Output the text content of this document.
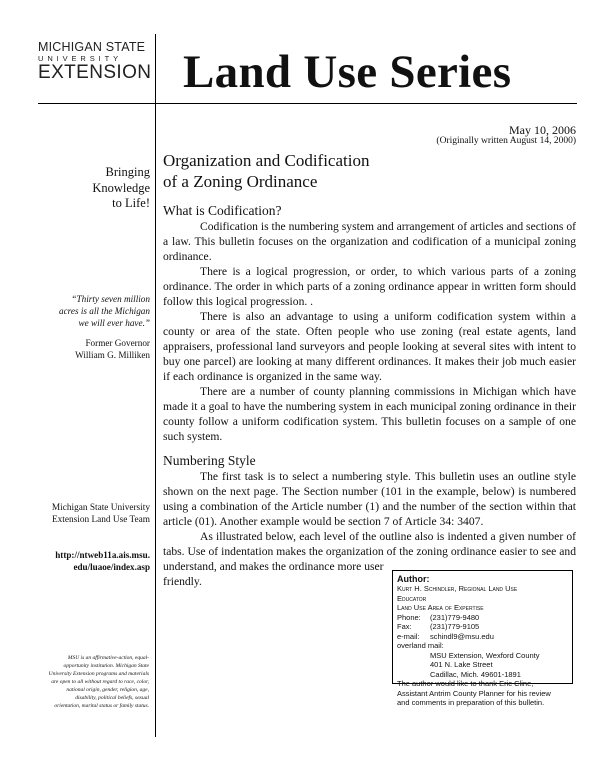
MICHIGAN STATE
UNIVERSITY
EXTENSION Land Use Series
Bringing
Knowledge
to Life!
“Thirty seven million
acres is all the Michigan
we will ever have.”
Former Governor
William G. Milliken
Michigan State University
Extension Land Use Team
http://ntweb11a.ais.msu.
edu/luaoe/index.asp
MSU is an affirmative-action, equal-
opportunity institution. Michigan State
University Extension programs and materials
are open to all without regard to race, color,
national origin, gender, religion, age,
disability, political beliefs, sexual
orientation, marital status or family status.
May 10, 2006
(Originally written August 14, 2000)
Organization and Codification
of a Zoning Ordinance
What is Codification?

Codification is the numbering system and arrangement of articles and sections of a law. This bulletin focuses on the organization and codification of a municipal zoning ordinance.

There is a logical progression, or order, to which various parts of a zoning ordinance. The order in which parts of a zoning ordinance appear in written form should follow this logical progression. .

There is also an advantage to using a uniform codification system within a county or area of the state. Often people who use zoning (real estate agents, land appraisers, professional land surveyors and people looking at several sites with intent to buy one parcel) are looking at many different ordinances. It makes their job much easier if each ordinance is organized in the same way.

There are a number of county planning commissions in Michigan which have made it a goal to have the numbering system in each municipal zoning ordinance in their county follow a uniform codification system. This bulletin focuses on a sample of one such system.

Numbering Style

The first task is to select a numbering style. This bulletin uses an outline style shown on the next page. The Section number (101 in the example, below) is numbered using a combination of the Article number (1) and the number of the section within that article (01). Another example would be section 7 of Article 34: 3407.

As illustrated below, each level of the outline also is indented a given number of tabs. Use of indentation makes the organization of the zoning ordinance easier to see and understand, and makes the ordinance more user

friendly.	Author:
Kurt H. Schindler, Regional Land Use
Educator
Land Use Area of Expertise
Phone: (231)779-9480
Fax: (231)779-9105
e-mail: schindl9@msu.edu
overland mail:
MSU Extension, Wexford County
401 N. Lake Street
Cadillac, Mich. 49601-1891
The author would like to thank Eric Cline,
Assistant Antrim County Planner for his review
and comments in preparation of this bulletin.
